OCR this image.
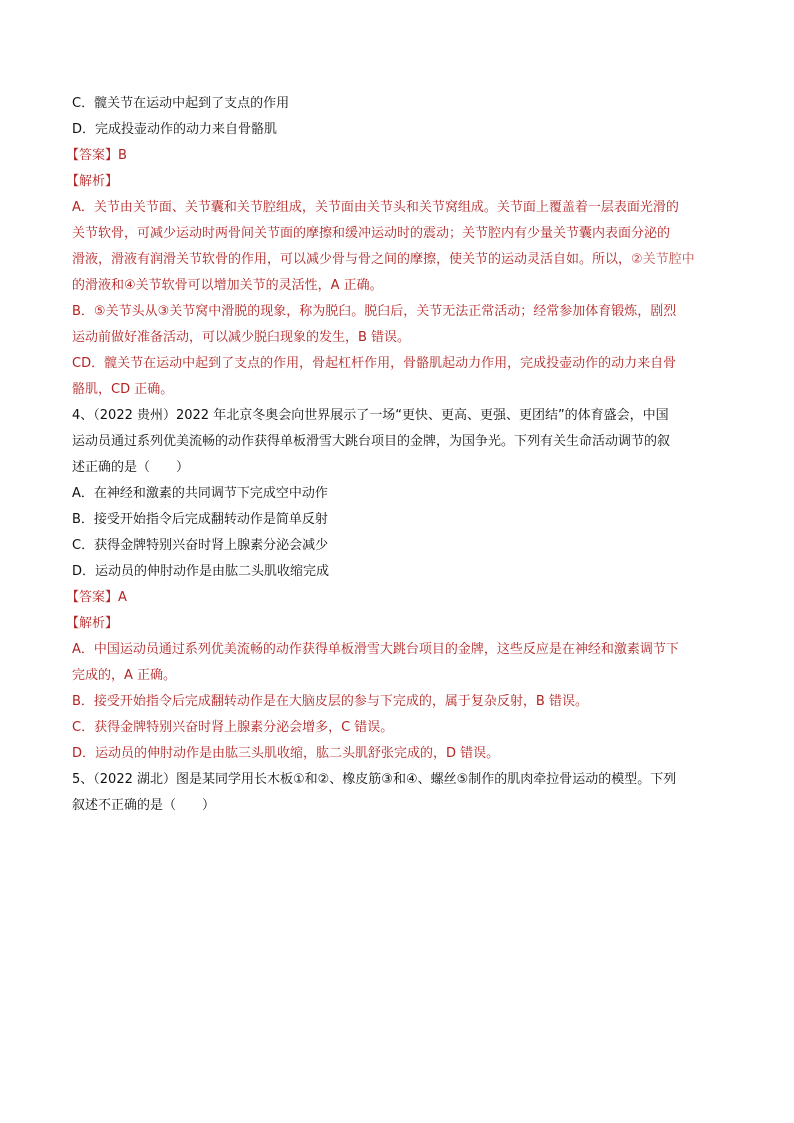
C．髋关节在运动中起到了支点的作用
D．完成投壶动作的动力来自骨骼肌
【答案】B
【解析】
A．关节由关节面、关节囊和关节腔组成，关节面由关节头和关节窝组成。关节面上覆盖着一层表面光滑的
关节软骨，可减少运动时两骨间关节面的摩擦和缓冲运动时的震动；关节腔内有少量关节囊内表面分泌的
滑液，滑液有润滑关节软骨的作用，可以减少骨与骨之间的摩擦，使关节的运动灵活自如。所以，②关节腔中
的滑液和④关节软骨可以增加关节的灵活性，A 正确。
B．⑤关节头从③关节窝中滑脱的现象，称为脱臼。脱臼后，关节无法正常活动；经常参加体育锻炼，剧烈
运动前做好准备活动，可以减少脱臼现象的发生，B 错误。
CD．髋关节在运动中起到了支点的作用，骨起杠杆作用，骨骼肌起动力作用，完成投壶动作的动力来自骨
骼肌，CD 正确。
4、（2022 贵州）2022 年北京冬奥会向世界展示了一场“更快、更高、更强、更团结”的体育盛会，中国
运动员通过系列优美流畅的动作获得单板滑雪大跳台项目的金牌，为国争光。下列有关生命活动调节的叙
述正确的是（　　）
A．在神经和激素的共同调节下完成空中动作
B．接受开始指令后完成翻转动作是简单反射
C．获得金牌特别兴奋时肾上腺素分泌会减少
D．运动员的伸肘动作是由肱二头肌收缩完成
【答案】A
【解析】
A．中国运动员通过系列优美流畅的动作获得单板滑雪大跳台项目的金牌，这些反应是在神经和激素调节下
完成的，A 正确。
B．接受开始指令后完成翻转动作是在大脑皮层的参与下完成的，属于复杂反射，B 错误。
C．获得金牌特别兴奋时肾上腺素分泌会增多，C 错误。
D．运动员的伸肘动作是由肱三头肌收缩，肱二头肌舒张完成的，D 错误。
5、（2022 湖北）图是某同学用长木板①和②、橡皮筋③和④、螺丝⑤制作的肌肉牵拉骨运动的模型。下列
叙述不正确的是（　　）
